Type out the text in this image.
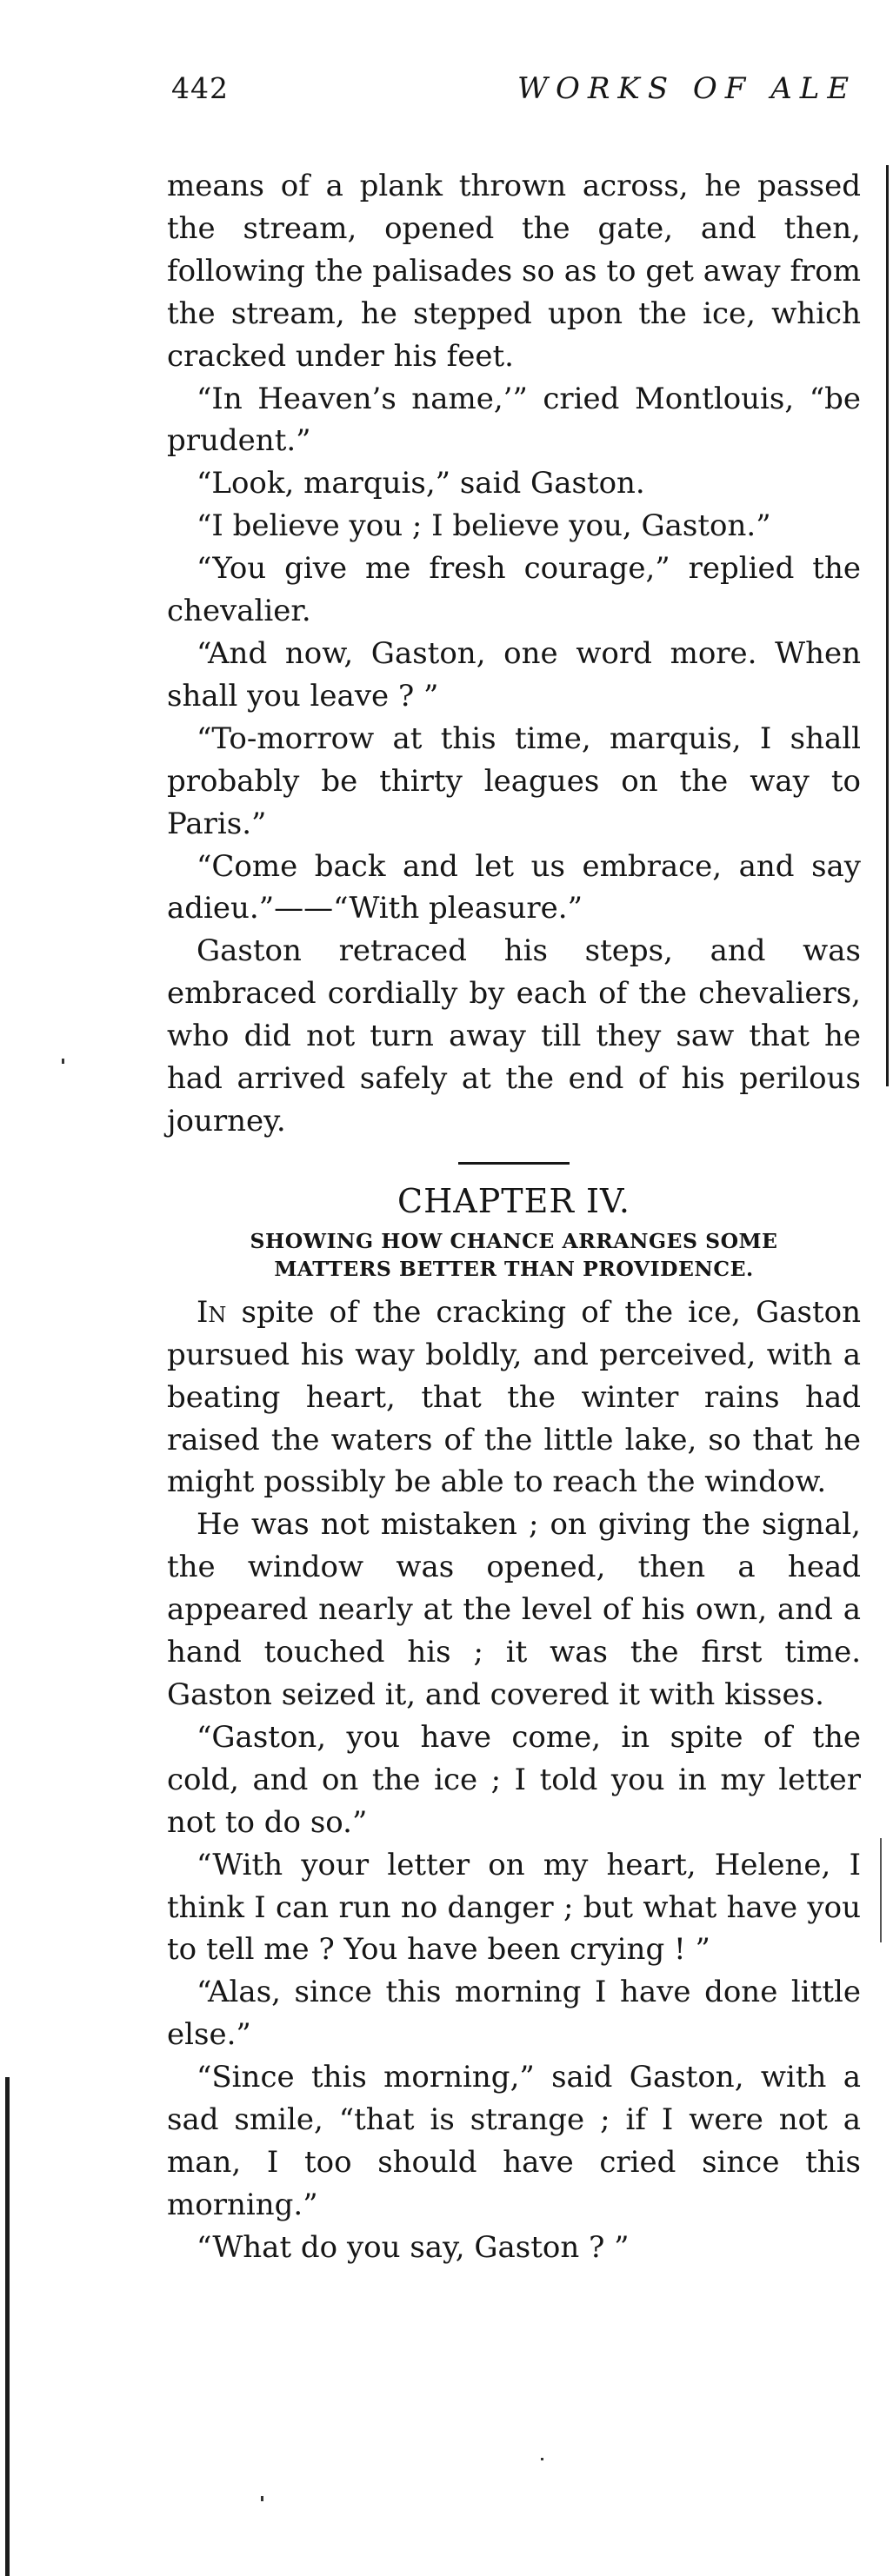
442	WORKS OF ALE

means of a plank thrown across, he passed the stream, opened the gate, and then, following the palisades so as to get away from the stream, he stepped upon the ice, which cracked under his feet.

“In Heaven’s name,’” cried Montlouis, “be prudent.”

“Look, marquis,” said Gaston.

“I believe you ; I believe you, Gaston.”

“You give me fresh courage,” replied the chevalier.

“And now, Gaston, one word more. When shall you leave ? ”

“To-morrow at this time, marquis, I shall probably be thirty leagues on the way to Paris.”

“Come back and let us embrace, and say adieu.”——“With pleasure.”

Gaston retraced his steps, and was embraced cordially by each of the chevaliers, who did not turn away till they saw that he had arrived safely at the end of his perilous journey.

CHAPTER IV.

SHOWING HOW CHANCE ARRANGES SOME
MATTERS BETTER THAN PROVIDENCE.

In spite of the cracking of the ice, Gaston pursued his way boldly, and perceived, with a beating heart, that the winter rains had raised the waters of the little lake, so that he might possibly be able to reach the window.

He was not mistaken ; on giving the signal, the window was opened, then a head appeared nearly at the level of his own, and a hand touched his ; it was the first time. Gaston seized it, and covered it with kisses.

“Gaston, you have come, in spite of the cold, and on the ice ; I told you in my letter not to do so.”

“With your letter on my heart, Helene, I think I can run no danger ; but what have you to tell me ? You have been crying ! ”

“Alas, since this morning I have done little else.”

“Since this morning,” said Gaston, with a sad smile, “that is strange ; if I were not a man, I too should have cried since this morning.”

“What do you say, Gaston ? ”
